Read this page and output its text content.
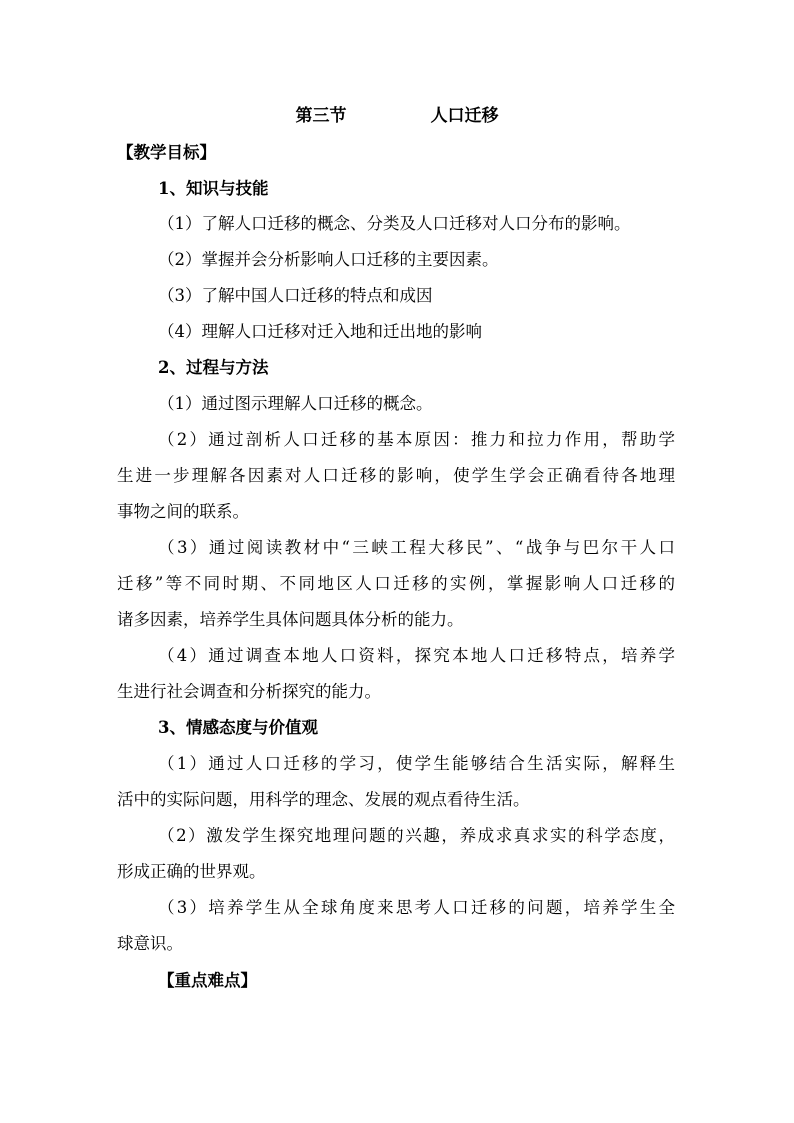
第三节	人口迁移
【教学目标】
1、知识与技能
（1）了解人口迁移的概念、分类及人口迁移对人口分布的影响。
（2）掌握并会分析影响人口迁移的主要因素。
（3）了解中国人口迁移的特点和成因
（4）理解人口迁移对迁入地和迁出地的影响
2、过程与方法
（1）通过图示理解人口迁移的概念。
（2）通过剖析人口迁移的基本原因：推力和拉力作用，帮助学
生进一步理解各因素对人口迁移的影响，使学生学会正确看待各地理
事物之间的联系。
（3）通过阅读教材中“三峡工程大移民”、“战争与巴尔干人口
迁移”等不同时期、不同地区人口迁移的实例，掌握影响人口迁移的
诸多因素，培养学生具体问题具体分析的能力。
（4）通过调查本地人口资料，探究本地人口迁移特点，培养学
生进行社会调查和分析探究的能力。
3、情感态度与价值观
（1）通过人口迁移的学习，使学生能够结合生活实际，解释生
活中的实际问题，用科学的理念、发展的观点看待生活。
（2）激发学生探究地理问题的兴趣，养成求真求实的科学态度，
形成正确的世界观。
（3）培养学生从全球角度来思考人口迁移的问题，培养学生全
球意识。
【重点难点】
